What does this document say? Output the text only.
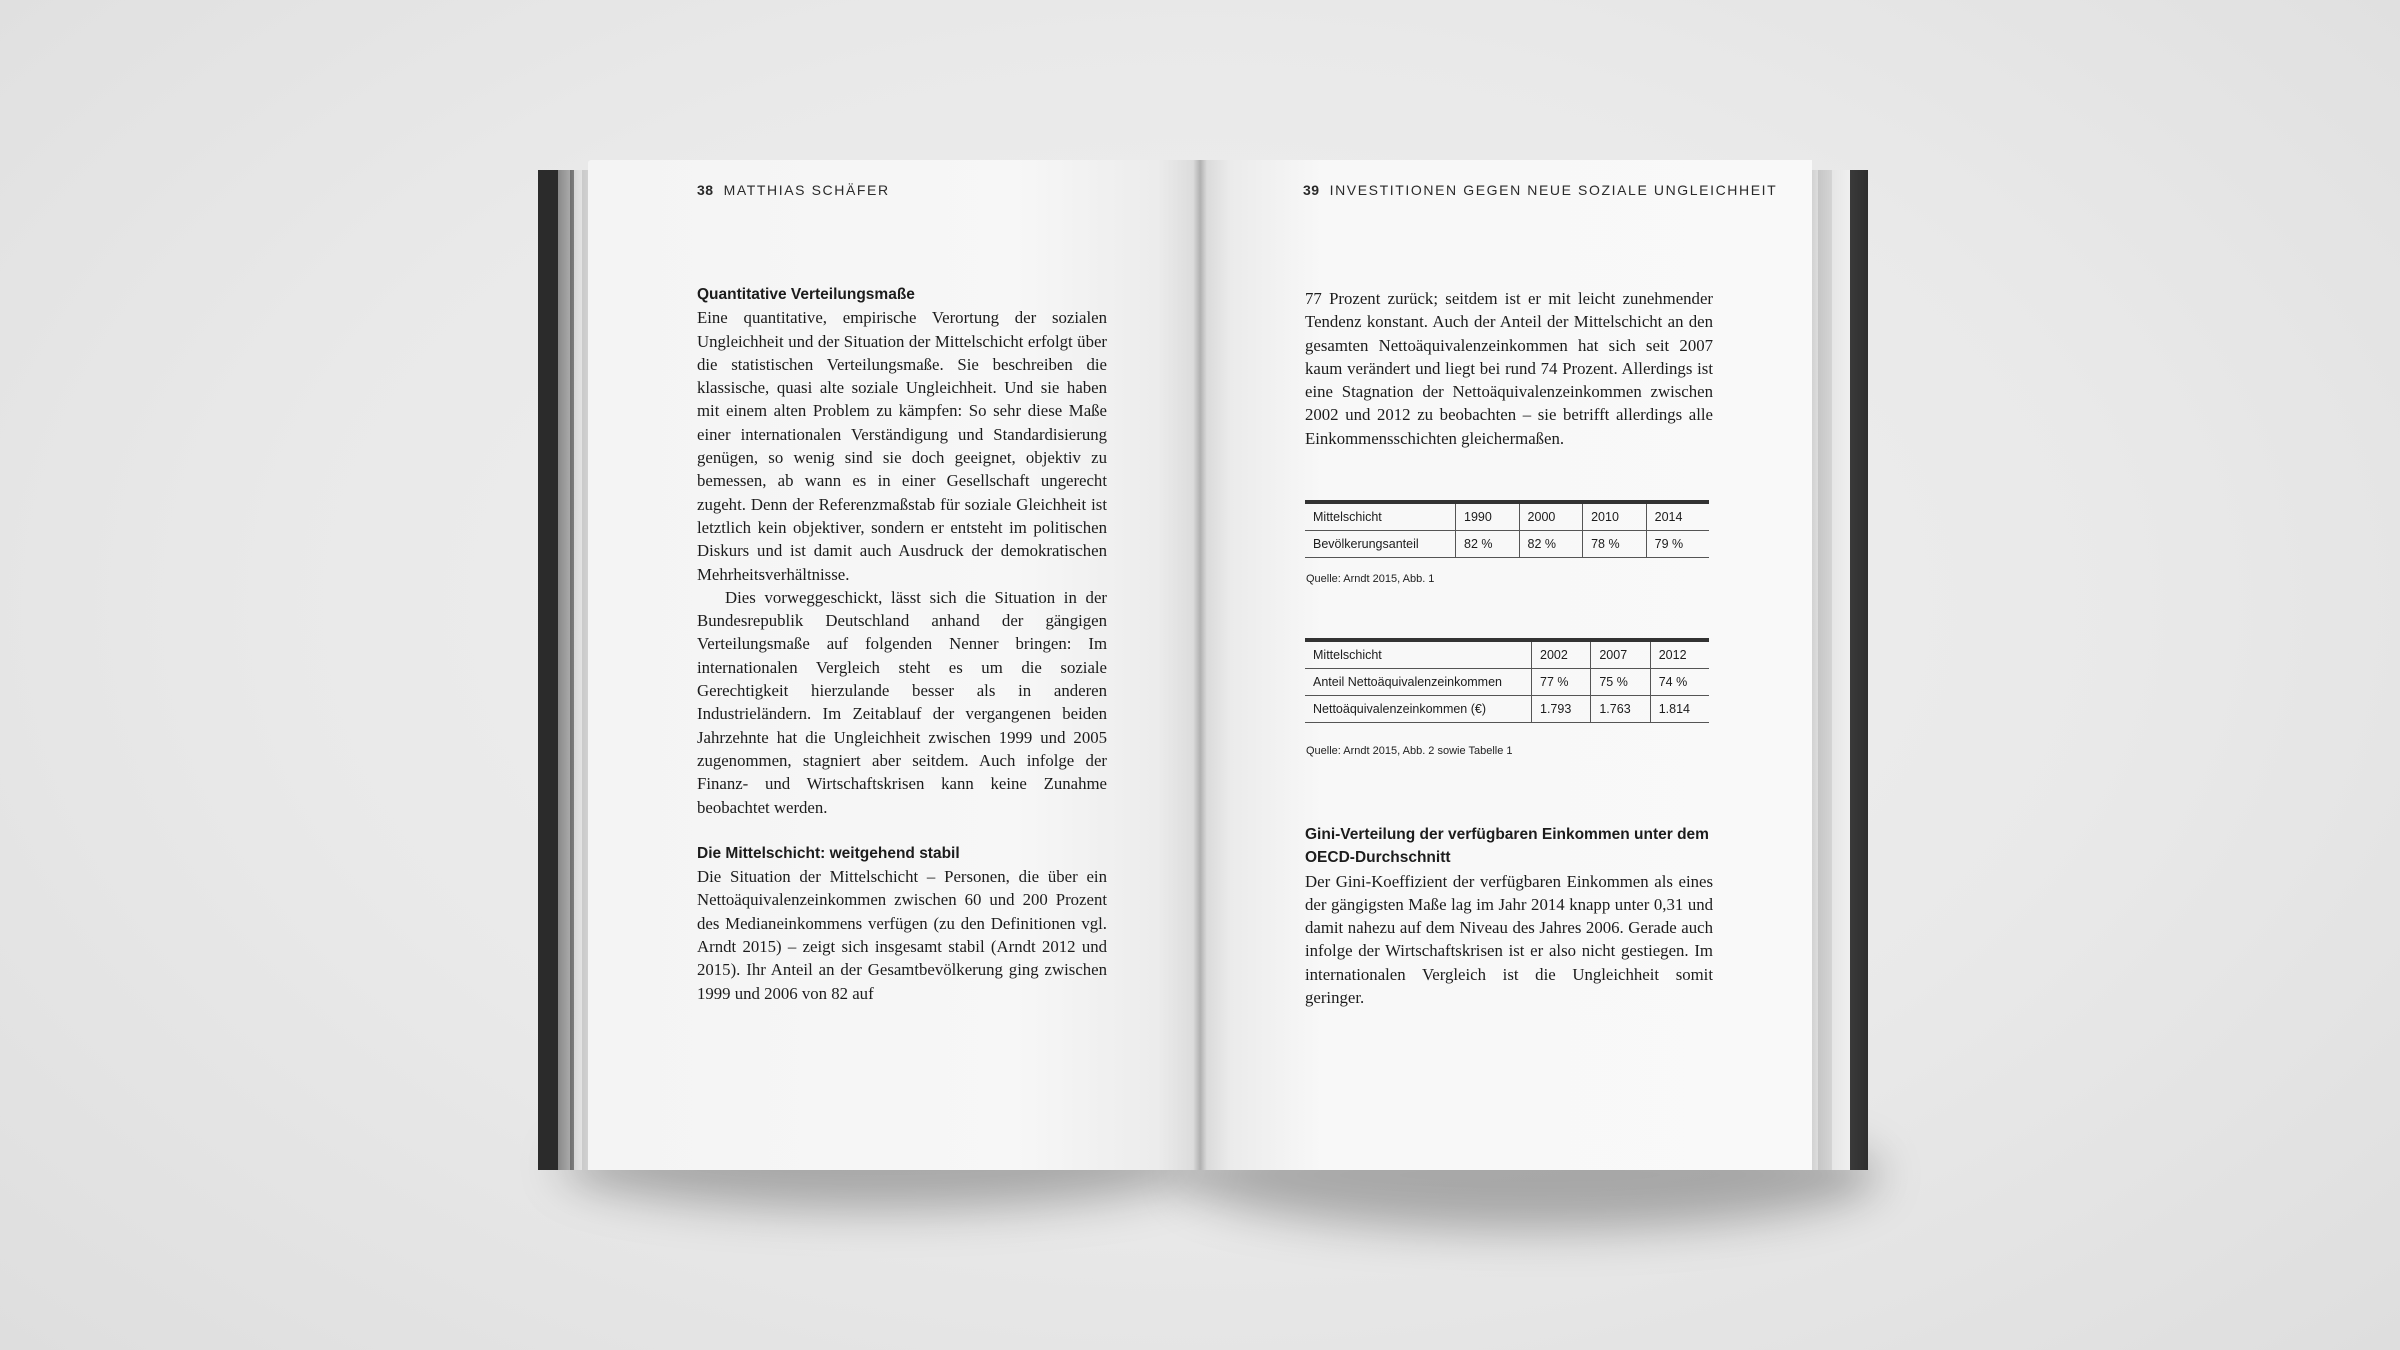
38 MATTHIAS SCHÄFER	39 INVESTITIONEN GEGEN NEUE SOZIALE UNGLEICHHEIT
Quantitative Verteilungsmaße

Eine quantitative, empirische Verortung der sozialen Ungleichheit und der Situation der Mittelschicht erfolgt über die statistischen Verteilungsmaße. Sie beschreiben die klassische, quasi alte soziale Ungleichheit. Und sie haben mit einem alten Problem zu kämpfen: So sehr diese Maße einer internationalen Verständigung und Standardisierung genügen, so wenig sind sie doch geeignet, objektiv zu bemessen, ab wann es in einer Gesellschaft ungerecht zugeht. Denn der Referenzmaßstab für soziale Gleichheit ist letztlich kein objektiver, sondern er entsteht im politischen Diskurs und ist damit auch Ausdruck der demokratischen Mehrheitsverhältnisse.

Dies vorweggeschickt, lässt sich die Situation in der Bundesrepublik Deutschland anhand der gängigen Verteilungsmaße auf folgenden Nenner bringen: Im internationalen Vergleich steht es um die soziale Gerechtigkeit hierzulande besser als in anderen Industrieländern. Im Zeitablauf der vergangenen beiden Jahrzehnte hat die Ungleichheit zwischen 1999 und 2005 zugenommen, stagniert aber seitdem. Auch infolge der Finanz- und Wirtschaftskrisen kann keine Zunahme beobachtet werden.

Die Mittelschicht: weitgehend stabil

Die Situation der Mittelschicht – Personen, die über ein Nettoäquivalenzeinkommen zwischen 60 und 200 Prozent des Medianeinkommens verfügen (zu den Definitionen vgl. Arndt 2015) – zeigt sich insgesamt stabil (Arndt 2012 und 2015). Ihr Anteil an der Gesamtbevölkerung ging zwischen 1999 und 2006 von 82 auf

77 Prozent zurück; seitdem ist er mit leicht zunehmender Tendenz konstant. Auch der Anteil der Mittelschicht an den gesamten Nettoäquivalenzeinkommen hat sich seit 2007 kaum verändert und liegt bei rund 74 Prozent. Allerdings ist eine Stagnation der Nettoäquivalenzeinkommen zwischen 2002 und 2012 zu beobachten – sie betrifft allerdings alle Einkommensschichten gleichermaßen.

Mittelschicht	1990	2000	2010	2014
Bevölkerungsanteil	82 %	82 %	78 %	79 %
Quelle: Arndt 2015, Abb. 1
Mittelschicht	2002	2007	2012
Anteil Nettoäquivalenzeinkommen	77 %	75 %	74 %
Nettoäquivalenzeinkommen (€)	1.793	1.763	1.814
Quelle: Arndt 2015, Abb. 2 sowie Tabelle 1
Gini-Verteilung der verfügbaren Einkommen unter dem OECD-Durchschnitt

Der Gini-Koeffizient der verfügbaren Einkommen als eines der gängigsten Maße lag im Jahr 2014 knapp unter 0,31 und damit nahezu auf dem Niveau des Jahres 2006. Gerade auch infolge der Wirtschaftskrisen ist er also nicht gestiegen. Im internationalen Vergleich ist die Ungleichheit somit geringer.
